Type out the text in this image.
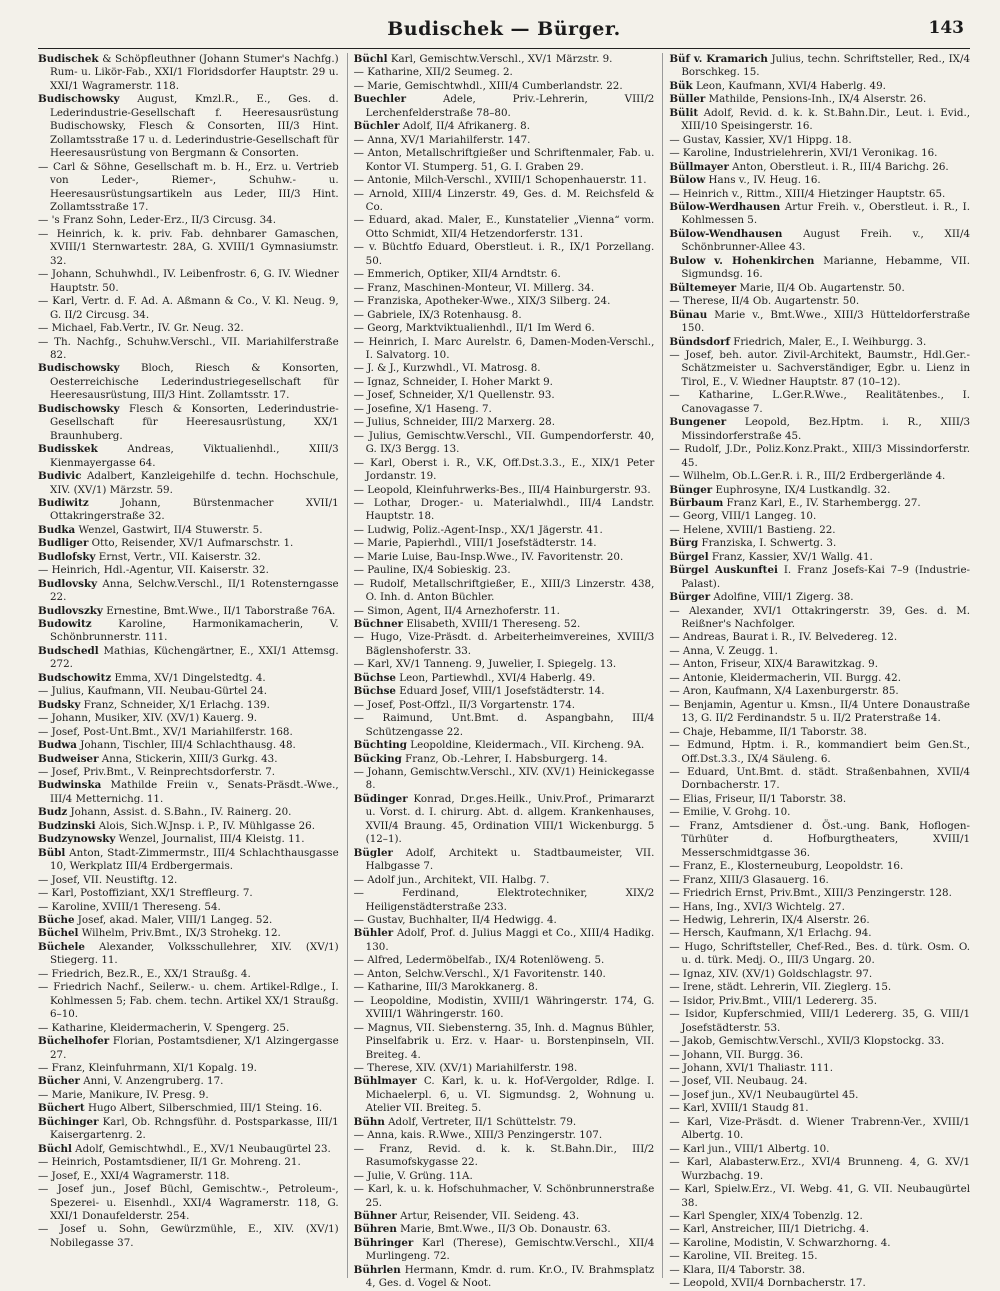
Budischek — Bürger.	143

Budischek & Schöpfleuthner (Johann Stumer's Nachfg.) Rum- u. Likör-Fab., XXI/1 Floridsdorfer Hauptstr. 29 u. XXI/1 Wagramerstr. 118.

Budischowsky August, Kmzl.R., E., Ges. d. Lederindustrie-Gesellschaft f. Heeresausrüstung Budischowsky, Flesch & Consorten, III/3 Hint. Zollamtsstraße 17 u. d. Lederindustrie-Gesellschaft für Heeresausrüstung von Bergmann & Consorten.

— Carl & Söhne, Gesellschaft m. b. H., Erz. u. Vertrieb von Leder-, Riemer-, Schuhw.- u. Heeresausrüstungsartikeln aus Leder, III/3 Hint. Zollamtsstraße 17.

— 's Franz Sohn, Leder-Erz., II/3 Circusg. 34.

— Heinrich, k. k. priv. Fab. dehnbarer Gamaschen, XVIII/1 Sternwartestr. 28A, G. XVIII/1 Gymnasiumstr. 32.

— Johann, Schuhwhdl., IV. Leibenfrostr. 6, G. IV. Wiedner Hauptstr. 50.

— Karl, Vertr. d. F. Ad. A. Aßmann & Co., V. Kl. Neug. 9, G. II/2 Circusg. 34.

— Michael, Fab.Vertr., IV. Gr. Neug. 32.

— Th. Nachfg., Schuhw.Verschl., VII. Mariahilferstraße 82.

Budischowsky Bloch, Riesch & Konsorten, Oesterreichische Lederindustriegesellschaft für Heeresausrüstung, III/3 Hint. Zollamtsstr. 17.

Budischowsky Flesch & Konsorten, Lederindustrie-Gesellschaft für Heeresausrüstung, XX/1 Braunhuberg.

Budisskek	Andreas, Viktualienhdl., XIII/3 Kienmayergasse 64.

Budivic Adalbert, Kanzleigehilfe d. techn. Hochschule, XIV. (XV/1) Märzstr. 59.

Budiwitz	Johann, Bürstenmacher XVII/1 Ottakringerstraße 32.

Budka Wenzel, Gastwirt, II/4 Stuwerstr. 5.

Budliger Otto, Reisender, XV/1 Aufmarschstr. 1.

Budlofsky Ernst, Vertr., VII. Kaiserstr. 32.

— Heinrich, Hdl.-Agentur, VII. Kaiserstr. 32.

Budlovsky Anna, Selchw.Verschl., II/1 Rotensterngasse 22.

Budlovszky Ernestine, Bmt.Wwe., II/1 Taborstraße 76A.

Budowitz	Karoline, Harmonikamacherin, V. Schönbrunnerstr. 111.

Budschedl Mathias, Küchengärtner, E., XXI/1 Attemsg. 272.

Budschowitz Emma, XV/1 Dingelstedtg. 4.

— Julius, Kaufmann, VII. Neubau-Gürtel 24.

Budsky Franz, Schneider, X/1 Erlachg. 139.

— Johann, Musiker, XIV. (XV/1) Kauerg. 9.

— Josef, Post-Unt.Bmt., XV/1 Mariahilferstr. 168.

Budwa Johann, Tischler, III/4 Schlachthausg. 48.

Budweiser Anna, Stickerin, XIII/3 Gurkg. 43.

— Josef, Priv.Bmt., V. Reinprechtsdorferstr. 7.

Budwinska Mathilde Freiin v., Senats-Präsdt.-Wwe., III/4 Metternichg. 11.

Budz Johann, Assist. d. S.Bahn., IV. Rainerg. 20.

Budzinski Alois, Sich.W.Jnsp. i. P., IV. Mühlgasse 26.

Budzynowsky Wenzel, Journalist, III/4 Kleistg. 11.

Bübl Anton, Stadt-Zimmermstr., III/4 Schlachthausgasse 10, Werkplatz III/4 Erdbergermais.

— Josef, VII. Neustiftg. 12.

— Karl, Postoffiziant, XX/1 Streffleurg. 7.

— Karoline, XVIII/1 Thereseng. 54.

Büche Josef, akad. Maler, VIII/1 Langeg. 52.

Büchel Wilhelm, Priv.Bmt., IX/3 Strohekg. 12.

Büchele Alexander, Volksschullehrer, XIV. (XV/1) Stiegerg. 11.

— Friedrich, Bez.R., E., XX/1 Straußg. 4.

— Friedrich Nachf., Seilerw.- u. chem. Artikel-Rdlge., I. Kohlmessen 5; Fab. chem. techn. Artikel XX/1 Straußg. 6–10.

— Katharine, Kleidermacherin, V. Spengerg. 25.

Büchelhofer Florian, Postamtsdiener, X/1 Alzingergasse 27.

— Franz, Kleinfuhrmann, XI/1 Kopalg. 19.

Bücher Anni, V. Anzengruberg. 17.

— Marie, Manikure, IV. Presg. 9.

Büchert Hugo Albert, Silberschmied, III/1 Steing. 16.

Büchinger Karl, Ob. Rchngsführ. d. Postsparkasse, III/1 Kaisergartenrg. 2.

Büchl Adolf, Gemischtwhdl., E., XV/1 Neubaugürtel 23.

— Heinrich, Postamtsdiener, II/1 Gr. Mohreng. 21.

— Josef, E., XXI/4 Wagramerstr. 118.

— Josef jun., Josef Büchl, Gemischtw.-, Petroleum-, Spezerei- u. Eisenhdl., XXI/4 Wagramerstr. 118, G. XXI/1 Donaufelderstr. 254.

— Josef u. Sohn, Gewürzmühle, E., XIV. (XV/1) Nobilegasse 37.

Büchl Karl, Gemischtw.Verschl., XV/1 Märzstr. 9.

— Katharine, XII/2 Seumeg. 2.

— Marie, Gemischtwhdl., XIII/4 Cumberlandstr. 22.

Buechler	Adele, Priv.-Lehrerin, VIII/2 Lerchenfelderstraße 78–80.

Büchler Adolf, II/4 Afrikanerg. 8.

— Anna, XV/1 Mariahilferstr. 147.

— Anton, Metallschriftgießer und Schriftenmaler, Fab. u. Kontor VI. Stumperg. 51, G. I. Graben 29.

— Antonie, Milch-Verschl., XVIII/1 Schopenhauerstr. 11.

— Arnold, XIII/4 Linzerstr. 49, Ges. d. M. Reichsfeld & Co.

— Eduard, akad. Maler, E., Kunstatelier „Vienna“ vorm. Otto Schmidt, XII/4 Hetzendorferstr. 131.

— v. Büchtfo Eduard, Oberstleut. i. R., IX/1 Porzellang. 50.

— Emmerich, Optiker, XII/4 Arndtstr. 6.

— Franz, Maschinen-Monteur, VI. Millerg. 34.

— Franziska, Apotheker-Wwe., XIX/3 Silberg. 24.

— Gabriele, IX/3 Rotenhausg. 8.

— Georg, Marktviktualienhdl., II/1 Im Werd 6.

— Heinrich, I. Marc Aurelstr. 6, Damen-Moden-Verschl., I. Salvatorg. 10.

— J. & J., Kurzwhdl., VI. Matrosg. 8.

— Ignaz, Schneider, I. Hoher Markt 9.

— Josef, Schneider, X/1 Quellenstr. 93.

— Josefine, X/1 Haseng. 7.

— Julius, Schneider, III/2 Marxerg. 28.

— Julius, Gemischtw.Verschl., VII. Gumpendorferstr. 40, G. IX/3 Bergg. 13.

— Karl, Oberst i. R., V.K, Off.Dst.3.3., E., XIX/1 Peter Jordanstr. 19.

— Leopold, Kleinfuhrwerks-Bes., III/4 Hainburgerstr. 93.

— Lothar, Droger.- u. Materialwhdl., III/4 Landstr. Hauptstr. 18.

— Ludwig, Poliz.-Agent-Insp., XX/1 Jägerstr. 41.

— Marie, Papierhdl., VIII/1 Josefstädterstr. 14.

— Marie Luise, Bau-Insp.Wwe., IV. Favoritenstr. 20.

— Pauline, IX/4 Sobieskig. 23.

— Rudolf, Metallschriftgießer, E., XIII/3 Linzerstr. 438, O. Inh. d. Anton Büchler.

— Simon, Agent, II/4 Arnezhoferstr. 11.

Büchner Elisabeth, XVIII/1 Thereseng. 52.

— Hugo, Vize-Präsdt. d. Arbeiterheimvereines, XVIII/3 Bäglenshoferstr. 33.

— Karl, XV/1 Tanneng. 9, Juwelier, I. Spiegelg. 13.

Büchse Leon, Partiewhdl., XVI/4 Haberlg. 49.

Büchse Eduard Josef, VIII/1 Josefstädterstr. 14.

— Josef, Post-Offzl., II/3 Vorgartenstr. 174.

— Raimund, Unt.Bmt. d. Aspangbahn, III/4 Schützengasse 22.

Büchting Leopoldine, Kleidermach., VII. Kircheng. 9A.

Bücking Franz, Ob.-Lehrer, I. Habsburgerg. 14.

— Johann, Gemischtw.Verschl., XIV. (XV/1) Heinickegasse 8.

Büdinger Konrad, Dr.ges.Heilk., Univ.Prof., Primararzt u. Vorst. d. I. chirurg. Abt. d. allgem. Krankenhauses, XVII/4 Braung. 45, Ordination VIII/1 Wickenburgg. 5 (12–1).

Bügler Adolf, Architekt u. Stadtbaumeister, VII. Halbgasse 7.

— Adolf jun., Architekt, VII. Halbg. 7.

— Ferdinand, Elektrotechniker, XIX/2 Heiligenstädterstraße 233.

— Gustav, Buchhalter, II/4 Hedwigg. 4.

Bühler Adolf, Prof. d. Julius Maggi et Co., XIII/4 Hadikg. 130.

— Alfred, Ledermöbelfab., IX/4 Rotenlöweng. 5.

— Anton, Selchw.Verschl., X/1 Favoritenstr. 140.

— Katharine, III/3 Marokkanerg. 8.

— Leopoldine, Modistin, XVIII/1 Währingerstr. 174, G. XVIII/1 Währingerstr. 160.

— Magnus, VII. Siebensterng. 35, Inh. d. Magnus Bühler, Pinselfabrik u. Erz. v. Haar- u. Borstenpinseln, VII. Breiteg. 4.

— Therese, XIV. (XV/1) Mariahilferstr. 198.

Bühlmayer C. Karl, k. u. k. Hof-Vergolder, Rdlge. I. Michaelerpl. 6, u. VI. Sigmundsg. 2, Wohnung u. Atelier VII. Breiteg. 5.

Bühn Adolf, Vertreter, II/1 Schüttelstr. 79.

— Anna, kais. R.Wwe., XIII/3 Penzingerstr. 107.

— Franz, Revid. d. k. k. St.Bahn.Dir., III/2 Rasumofskygasse 22.

— Julie, V. Grüng. 11A.

— Karl, k. u. k. Hofschuhmacher, V. Schönbrunnerstraße 25.

Bühner Artur, Reisender, VII. Seideng. 43.

Bühren Marie, Bmt.Wwe., II/3 Ob. Donaustr. 63.

Bühringer Karl (Therese), Gemischtw.Verschl., XII/4 Murlingeng. 72.

Bührlen Hermann, Kmdr. d. rum. Kr.O., IV. Brahmsplatz 4, Ges. d. Vogel & Noot.

Büf v. Kramarich Julius, techn. Schriftsteller, Red., IX/4 Borschkeg. 15.

Bük Leon, Kaufmann, XVI/4 Haberlg. 49.

Büller Mathilde, Pensions-Inh., IX/4 Alserstr. 26.

Bülit Adolf, Revid. d. k. k. St.Bahn.Dir., Leut. i. Evid., XIII/10 Speisingerstr. 16.

— Gustav, Kassier, XV/1 Hippg. 18.

— Karoline, Industrielehrerin, XVI/1 Veronikag. 16.

Büllmayer Anton, Oberstleut. i. R., III/4 Barichg. 26.

Bülow Hans v., IV. Heug. 16.

— Heinrich v., Rittm., XIII/4 Hietzinger Hauptstr. 65.

Bülow-Werdhausen Artur Freih. v., Oberstleut. i. R., I. Kohlmessen 5.

Bülow-Wendhausen August Freih. v., XII/4 Schönbrunner-Allee 43.

Bulow v. Hohenkirchen Marianne, Hebamme, VII. Sigmundsg. 16.

Bültemeyer Marie, II/4 Ob. Augartenstr. 50.

— Therese, II/4 Ob. Augartenstr. 50.

Bünau Marie v., Bmt.Wwe., XIII/3 Hütteldorferstraße 150.

Bündsdorf Friedrich, Maler, E., I. Weihburgg. 3.

— Josef, beh. autor. Zivil-Architekt, Baumstr., Hdl.Ger.-Schätzmeister u. Sachverständiger, Egbr. u. Lienz in Tirol, E., V. Wiedner Hauptstr. 87 (10–12).

— Katharine, L.Ger.R.Wwe., Realitätenbes., I. Canovagasse 7.

Bungener Leopold, Bez.Hptm. i. R., XIII/3 Missindorferstraße 45.

— Rudolf, J.Dr., Poliz.Konz.Prakt., XIII/3 Missindorferstr. 45.

— Wilhelm, Ob.L.Ger.R. i. R., III/2 Erdbergerlände 4.

Bünger Euphrosyne, IX/4 Lustkandlg. 32.

Bürbaum Franz Karl, E., IV. Starhembergg. 27.

— Georg, VIII/1 Langeg. 10.

— Helene, XVIII/1 Bastieng. 22.

Bürg Franziska, I. Schwertg. 3.

Bürgel Franz, Kassier, XV/1 Wallg. 41.

Bürgel Auskunftei I. Franz Josefs-Kai 7–9 (Industrie-Palast).

Bürger Adolfine, VIII/1 Zigerg. 38.

— Alexander, XVI/1 Ottakringerstr. 39, Ges. d. M. Reißner's Nachfolger.

— Andreas, Baurat i. R., IV. Belvedereg. 12.

— Anna, V. Zeugg. 1.

— Anton, Friseur, XIX/4 Barawitzkag. 9.

— Antonie, Kleidermacherin, VII. Burgg. 42.

— Aron, Kaufmann, X/4 Laxenburgerstr. 85.

— Benjamin, Agentur u. Kmsn., II/4 Untere Donaustraße 13, G. II/2 Ferdinandstr. 5 u. II/2 Praterstraße 14.

— Chaje, Hebamme, II/1 Taborstr. 38.

— Edmund, Hptm. i. R., kommandiert beim Gen.St., Off.Dst.3.3., IX/4 Säuleng. 6.

— Eduard, Unt.Bmt. d. städt. Straßenbahnen, XVII/4 Dornbacherstr. 17.

— Elias, Friseur, II/1 Taborstr. 38.

— Emilie, V. Grohg. 10.

— Franz, Amtsdiener d. Öst.-ung. Bank, Hoflogen-Türhüter d. Hofburgtheaters, XVIII/1 Messerschmidtgasse 36.

— Franz, E., Klosterneuburg, Leopoldstr. 16.

— Franz, XIII/3 Glasauerg. 16.

— Friedrich Ernst, Priv.Bmt., XIII/3 Penzingerstr. 128.

— Hans, Ing., XVI/3 Wichtelg. 27.

— Hedwig, Lehrerin, IX/4 Alserstr. 26.

— Hersch, Kaufmann, X/1 Erlachg. 94.

— Hugo, Schriftsteller, Chef-Red., Bes. d. türk. Osm. O. u. d. türk. Medj. O., III/3 Ungarg. 20.

— Ignaz, XIV. (XV/1) Goldschlagstr. 97.

— Irene, städt. Lehrerin, VII. Zieglerg. 15.

— Isidor, Priv.Bmt., VIII/1 Ledererg. 35.

— Isidor, Kupferschmied, VIII/1 Ledererg. 35, G. VIII/1 Josefstädterstr. 53.

— Jakob, Gemischtw.Verschl., XVII/3 Klopstockg. 33.

— Johann, VII. Burgg. 36.

— Johann, XVI/1 Thaliastr. 111.

— Josef, VII. Neubaug. 24.

— Josef jun., XV/1 Neubaugürtel 45.

— Karl, XVIII/1 Staudg 81.

— Karl, Vize-Präsdt. d. Wiener Trabrenn-Ver., XVIII/1 Albertg. 10.

— Karl jun., VIII/1 Albertg. 10.

— Karl, Alabasterw.Erz., XVI/4 Brunneng. 4, G. XV/1 Wurzbachg. 19.

— Karl, Spielw.Erz., VI. Webg. 41, G. VII. Neubaugürtel 38.

— Karl Spengler, XIX/4 Tobenzlg. 12.

— Karl, Anstreicher, III/1 Dietrichg. 4.

— Karoline, Modistin, V. Schwarzhorng. 4.

— Karoline, VII. Breiteg. 15.

— Klara, II/4 Taborstr. 38.

— Leopold, XVII/4 Dornbacherstr. 17.
